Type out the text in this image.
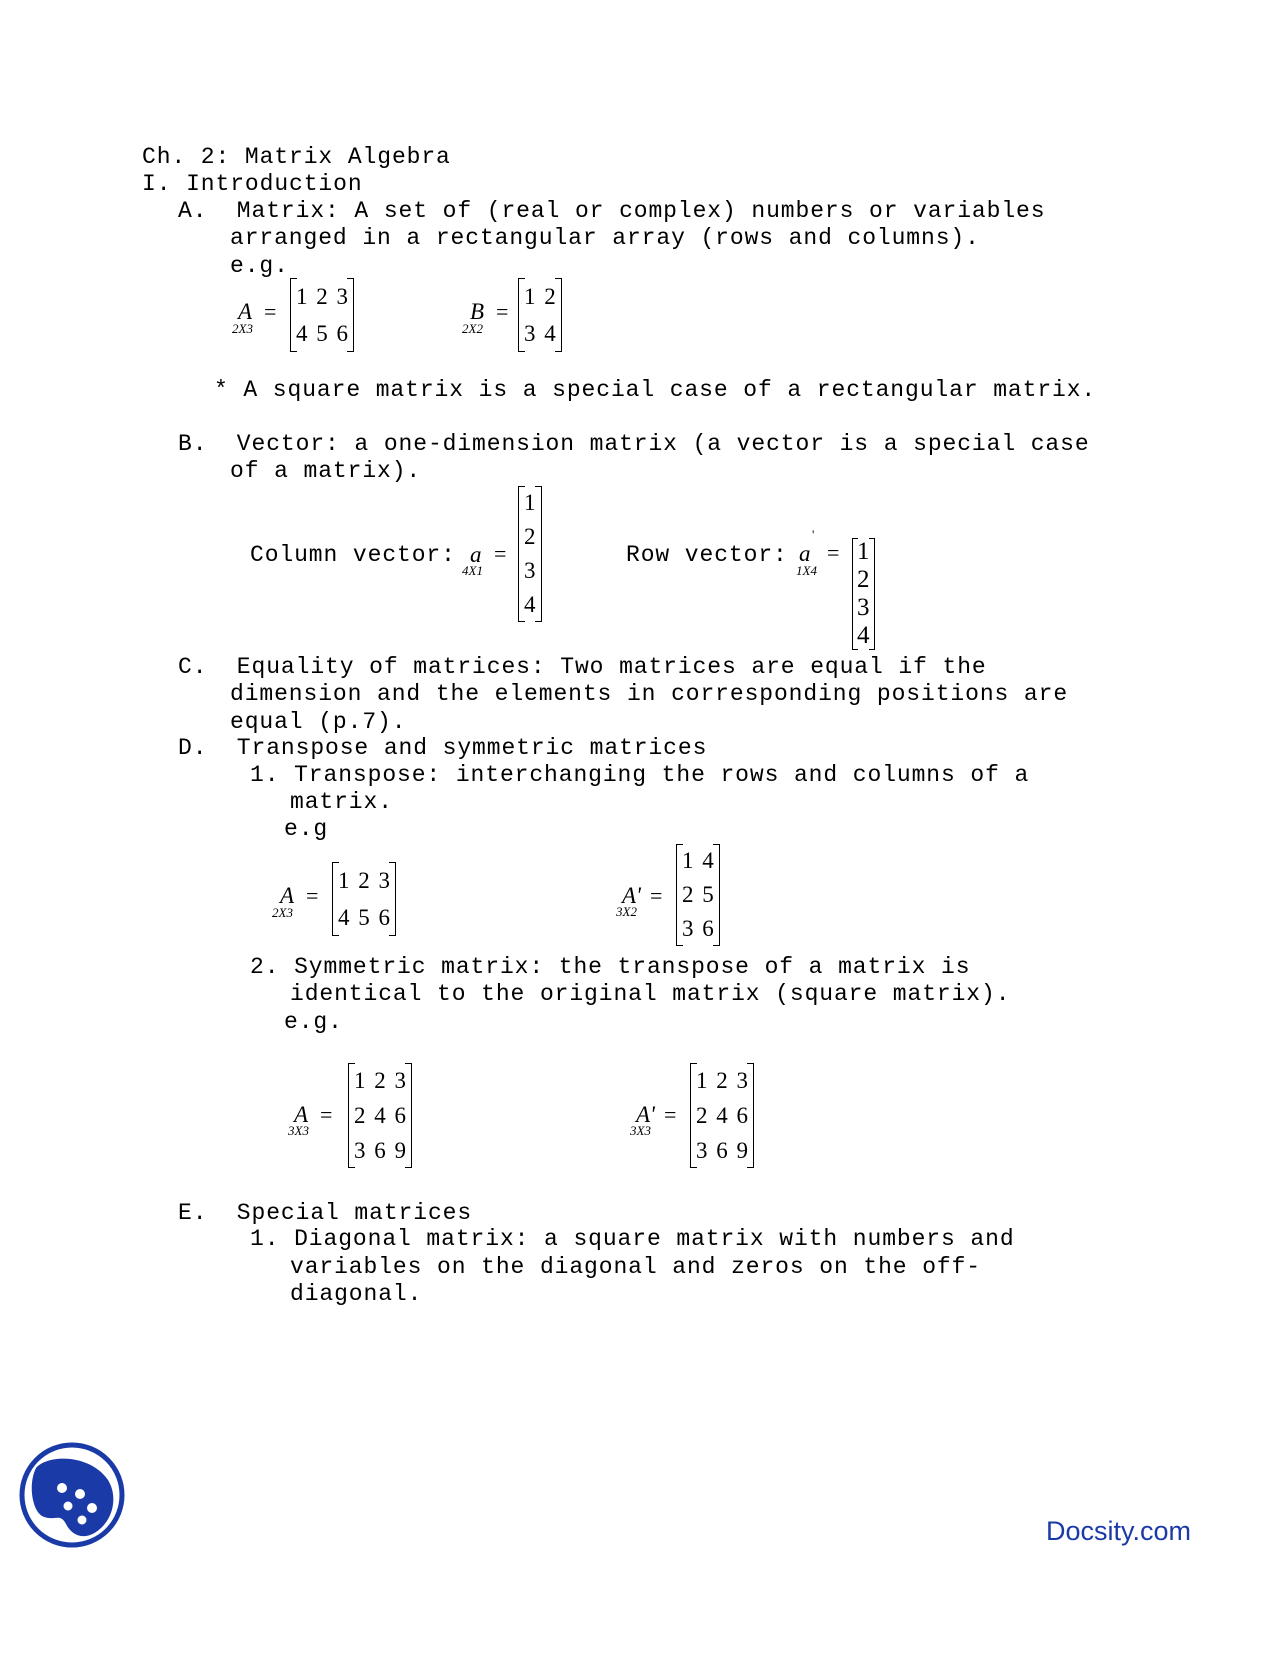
Ch. 2: Matrix Algebra
I. Introduction
A.  Matrix: A set of (real or complex) numbers or variables
arranged in a rectangular array (rows and columns).
e.g.
A
2X3
=
1 2 3
4 5 6
B
2X2
=
1 2
3 4
* A square matrix is a special case of a rectangular matrix.
B.  Vector: a one-dimension matrix (a vector is a special case
of a matrix).
Column vector: a
4X1
=
1
2
3
4
Row vector: a
'
1X4
= 1 2 3 4
C.  Equality of matrices: Two matrices are equal if the
dimension and the elements in corresponding positions are
equal (p.7).
D.  Transpose and symmetric matrices
1. Transpose: interchanging the rows and columns of a
matrix.
e.g
A
2X3
=
1 2 3
4 5 6
A'
3X2
=
1 4
2 5
3 6
2. Symmetric matrix: the transpose of a matrix is
identical to the original matrix (square matrix).
e.g.
A
3X3
=
1 2 3
2 4 6
3 6 9
A'
3X3
=
1 2 3
2 4 6
3 6 9
E.  Special matrices
1. Diagonal matrix: a square matrix with numbers and
variables on the diagonal and zeros on the off-
diagonal.
Docsity.com
